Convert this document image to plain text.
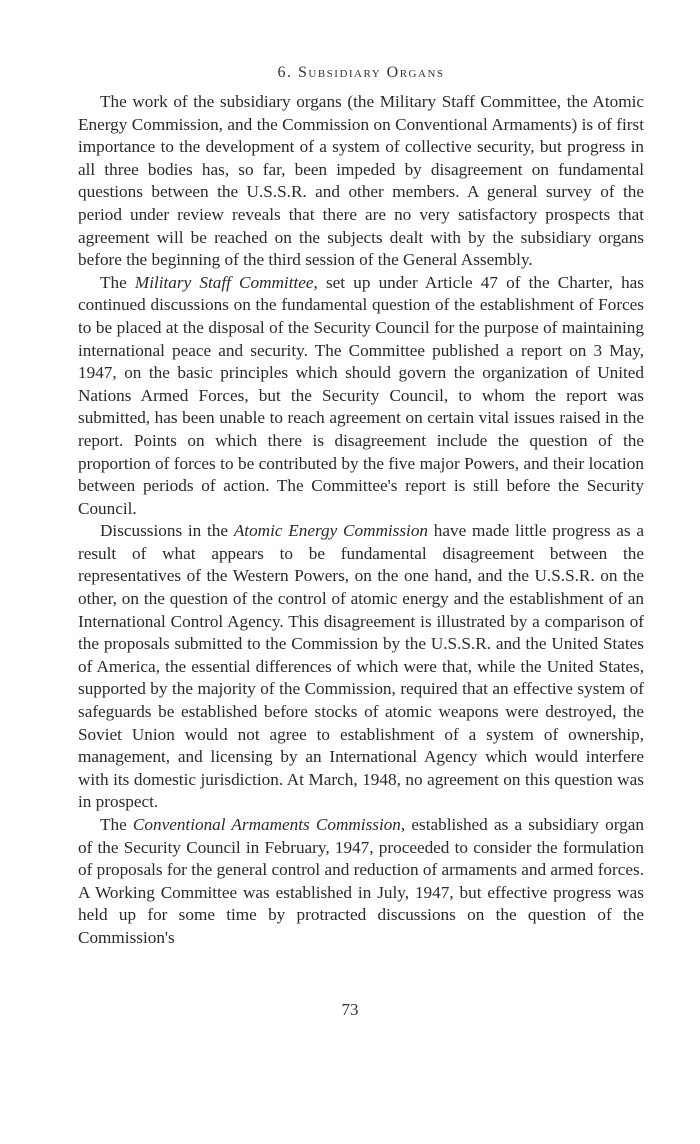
6. Subsidiary Organs

The work of the subsidiary organs (the Military Staff Committee, the Atomic Energy Commission, and the Commission on Conventional Armaments) is of first importance to the development of a system of collective security, but progress in all three bodies has, so far, been impeded by disagreement on fundamental questions between the U.S.S.R. and other members. A general survey of the period under review reveals that there are no very satisfactory prospects that agreement will be reached on the subjects dealt with by the subsidiary organs before the beginning of the third session of the General Assembly.

The Military Staff Committee, set up under Article 47 of the Charter, has continued discussions on the fundamental question of the establishment of Forces to be placed at the disposal of the Security Council for the purpose of maintaining international peace and security. The Committee published a report on 3 May, 1947, on the basic principles which should govern the organization of United Nations Armed Forces, but the Security Council, to whom the report was submitted, has been unable to reach agreement on certain vital issues raised in the report. Points on which there is disagreement include the question of the proportion of forces to be contributed by the five major Powers, and their location between periods of action. The Committee's report is still before the Security Council.

Discussions in the Atomic Energy Commission have made little progress as a result of what appears to be fundamental disagreement between the representatives of the Western Powers, on the one hand, and the U.S.S.R. on the other, on the question of the control of atomic energy and the establishment of an International Control Agency. This disagreement is illustrated by a comparison of the proposals submitted to the Commission by the U.S.S.R. and the United States of America, the essential differences of which were that, while the United States, supported by the majority of the Commission, required that an effective system of safeguards be established before stocks of atomic weapons were destroyed, the Soviet Union would not agree to establishment of a system of ownership, management, and licensing by an International Agency which would interfere with its domestic jurisdiction. At March, 1948, no agreement on this question was in prospect.

The Conventional Armaments Commission, established as a subsidiary organ of the Security Council in February, 1947, proceeded to consider the formulation of proposals for the general control and reduction of armaments and armed forces. A Working Committee was established in July, 1947, but effective progress was held up for some time by protracted discussions on the question of the Commission's

73
